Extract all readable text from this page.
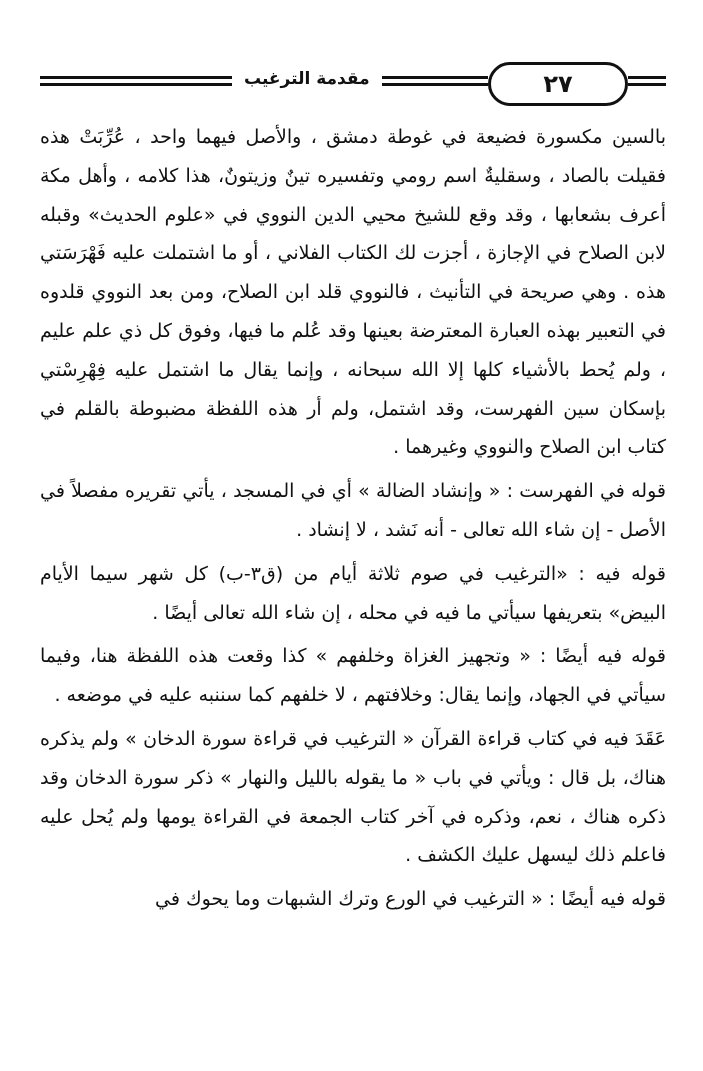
مقدمة الترغيب	٢٧

بالسين مكسورة فضيعة في غوطة دمشق ، والأصل فيهما واحد ، عُرِّبَتْ هذه فقيلت بالصاد ، وسقليةٌ اسم رومي وتفسيره تينٌ وزيتونٌ، هذا كلامه ، وأهل مكة أعرف بشعابها ، وقد وقع للشيخ محيي الدين النووي في «علوم الحديث» وقبله لابن الصلاح في الإجازة ، أجزت لك الكتاب الفلاني ، أو ما اشتملت عليه فَهْرَسَتي هذه . وهي صريحة في التأنيث ، فالنووي قلد ابن الصلاح، ومن بعد النووي قلدوه في التعبير بهذه العبارة المعترضة بعينها وقد عُلم ما فيها، وفوق كل ذي علم عليم ، ولم يُحط بالأشياء كلها إلا الله سبحانه ، وإنما يقال ما اشتمل عليه فِهْرِسْتي بإسكان سين الفهرست، وقد اشتمل، ولم أر هذه اللفظة مضبوطة بالقلم في كتاب ابن الصلاح والنووي وغيرهما .

قوله في الفهرست : « وإنشاد الضالة » أي في المسجد ، يأتي تقريره مفصلاً في الأصل - إن شاء الله تعالى - أنه نَشد ، لا إنشاد .

قوله فيه : «الترغيب في صوم ثلاثة أيام من (ق٣-ب) كل شهر سيما الأيام البيض» بتعريفها سيأتي ما فيه في محله ، إن شاء الله تعالى أيضًا .

قوله فيه أيضًا : « وتجهيز الغزاة وخلفهم » كذا وقعت هذه اللفظة هنا، وفيما سيأتي في الجهاد، وإنما يقال: وخلافتهم ، لا خلفهم كما سننبه عليه في موضعه .

عَقَدَ فيه في كتاب قراءة القرآن « الترغيب في قراءة سورة الدخان » ولم يذكره هناك، بل قال : ويأتي في باب « ما يقوله بالليل والنهار » ذكر سورة الدخان وقد ذكره هناك ، نعم، وذكره في آخر كتاب الجمعة في القراءة يومها ولم يُحل عليه فاعلم ذلك ليسهل عليك الكشف .

قوله فيه أيضًا : « الترغيب في الورع وترك الشبهات وما يحوك في
